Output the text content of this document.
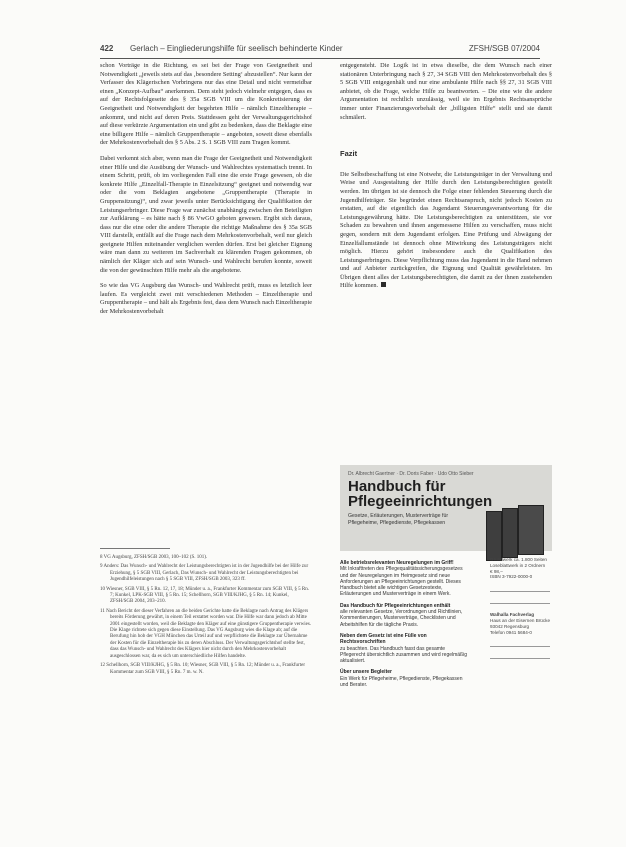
422 Gerlach – Eingliederungshilfe für seelisch behinderte Kinder	ZFSH/SGB 07/2004

schon Vorträge in die Richtung, es sei bei der Frage von Geeignetheit und Notwendigkeit „jeweils stets auf das ‚besondere Setting‘ abzustellen“. Nur kann der Verfasser des Klägerischen Vorbringens nur das eine Detail und nicht vermeidbar einen „Konzept-Aufbau“ anerkennen. Dem steht jedoch vielmehr entgegen, dass es auf der Rechtsfolgeseite des § 35a SGB VIII um die Konkretisierung der Geeignetheit und Notwendigkeit der begehrten Hilfe – nämlich Einzeltherapie – ankommt, und nicht auf deren Preis. Stattdessen geht der Verwaltungsgerichtshof auf diese verkürzte Argumentation ein und gibt zu bedenken, dass die Beklagte eine eine billigere Hilfe – nämlich Gruppentherapie – angeboten, soweit diese ebenfalls der Mehrkostenvorbehalt des § 5 Abs. 2 S. 1 SGB VIII zum Tragen kommt.

Dabei verkennt sich aber, wenn man die Frage der Geeignetheit und Notwendigkeit einer Hilfe und die Ausübung der Wunsch- und Wahlrechtes systematisch trennt. In einem Schritt, prüft, ob im vorliegenden Fall eine die erste Frage gewesen, ob die konkrete Hilfe „Einzelfall-Therapie in Einzelsitzung“ geeignet und notwendig war oder die vom Beklagten angebotene „Gruppentherapie (Therapie in Gruppensitzung)“, und zwar jeweils unter Berücksichtigung der Qualifikation der Leistungserbringer. Diese Frage war zunächst unabhängig zwischen den Beteiligten zur Aufklärung – es hätte nach § 86 VwGO geboten gewesen. Ergibt sich daraus, dass nur die eine oder die andere Therapie die richtige Maßnahme des § 35a SGB VIII darstellt, entfällt auf die Frage nach dem Mehrkostenvorbehalt, weil nur gleich geeignete Hilfen miteinander verglichen werden dürfen. Erst bei gleicher Eignung wäre man dann zu weiteren im Sachverhalt zu klärenden Fragen gekommen, ob nämlich der Kläger sich auf sein Wunsch- und Wahlrecht berufen konnte, soweit die von der gewünschten Hilfe mehr als die angebotene.

So wie das VG Augsburg das Wunsch- und Wahlrecht prüft, muss es letztlich leer laufen. Es vergleicht zwei mit verschiedenen Methoden – Einzeltherapie und Gruppentherapie – und hält als Ergebnis fest, dass dem Wunsch nach Einzeltherapie der Mehrkostenvorbehalt

8 VG Augsburg, ZFSH/SGB 2003, 100–102 (S. 101).
9 Anders: Das Wunsch- und Wahlrecht der Leistungsberechtigten ist in der Jugendhilfe bei der Hilfe zur Erziehung, § 5 SGB VIII, Gerlach, Das Wunsch- und Wahlrecht der Leistungsberechtigten bei Jugendhilfeleistungen nach § 5 SGB VIII, ZFSH/SGB 2003, 323 ff.
10 Wiesner, SGB VIII, § 5 Rn. 12, 17, 18; Münder u. a., Frankfurter Kommentar zum SGB VIII, § 5 Rn. 7; Kunkel, LPK-SGB VIII, § 5 Rn. 15; Schellhorn, SGB VIII/KJHG, § 5 Rn. 14; Kunkel, ZFSH/SGB 2004, 203–210.
11 Nach Bericht der dieser Verfahren an die beiden Gerichte hatte die Beklagte nach Antrag des Klägers bereits Förderung gewährt, in einem Teil erstattet worden war. Die Hilfe war dann jedoch ab Mitte 2001 eingestellt worden, weil die Beklagte den Kläger auf eine günstigere Gruppentherapie verwies. Die Klage richtete sich gegen diese Einstellung. Das VG Augsburg wies die Klage ab; auf die Berufung hin hob der VGH München das Urteil auf und verpflichtete die Beklagte zur Übernahme der Kosten für die Einzeltherapie bis zu deren Abschluss. Der Verwaltungsgerichtshof stellte fest, dass das Wunsch- und Wahlrecht des Klägers hier nicht durch den Mehrkostenvorbehalt ausgeschlossen war, da es sich um unterschiedliche Hilfen handelte.
12 Schellhorn, SGB VIII/KJHG, § 5 Rn. 10; Wiesner, SGB VIII, § 5 Rn. 12; Münder u. a., Frankfurter Kommentar zum SGB VIII, § 5 Rn. 7 m. w. N.

entgegensteht. Die Logik ist in etwa dieselbe, die dem Wunsch nach einer stationären Unterbringung nach § 27, 34 SGB VIII den Mehrkostenvorbehalt des § 5 SGB VIII entgegenhält und nur eine ambulante Hilfe nach §§ 27, 31 SGB VIII anbietet, ob die Frage, welche Hilfe zu beantworten. – Die eine wie die andere Argumentation ist rechtlich unzulässig, weil sie im Ergebnis Rechtsansprüche immer unter Finanzierungsvorbehalt der „billigsten Hilfe“ stellt und sie damit schmälert.

Fazit

Die Selbstbeschaffung ist eine Notwehr, die Leistungsträger in der Verwaltung und Weise und Ausgestaltung der Hilfe durch den Leistungsberechtigten gestellt werden. Im übrigen ist sie dennoch die Folge einer fehlenden Steuerung durch die Jugendhilfeträger. Sie begründet einen Rechtsanspruch, nicht jedoch Kosten zu erstatten, auf die eigentlich das Jugendamt Steuerungsverantwortung für die Leistungsgewährung hätte. Die Leistungsberechtigten zu unterstützen, sie vor Schaden zu bewahren und ihnen angemessene Hilfen zu verschaffen, muss nicht gegen, sondern mit dem Jugendamt erfolgen. Eine Prüfung und Abwägung der Einzelfallumstände ist dennoch ohne Mitwirkung des Leistungsträgers nicht möglich. Hierzu gehört insbesondere auch die Qualifikation des Leistungserbringers. Diese Verpflichtung muss das Jugendamt in die Hand nehmen und auf Anbieter zurückgreifen, die Eignung und Qualität gewährleisten. Im Übrigen dient alles der Leistungsberechtigten, die damit zu der ihnen zustehenden Hilfe kommen.

Dr. Albrecht Gaertner · Dr. Doris Faber · Udo Otto Sieber
Handbuch für Pflegeeinrichtungen
Gesetze, Erläuterungen, Musterverträge für Pflegeheime, Pflegedienste, Pflegekassen
Alle betriebsrelevanten Neuregelungen im Griff!
Mit Inkrafttreten des Pflegequalitätssicherungsgesetzes und der Neuregelungen im Heimgesetz sind neue Anforderungen an Pflegeeinrichtungen gestellt. Dieses Handbuch bietet alle wichtigen Gesetzestexte, Erläuterungen und Musterverträge in einem Werk.
Das Handbuch für Pflegeeinrichtungen enthält
alle relevanten Gesetze, Verordnungen und Richtlinien, Kommentierungen, Musterverträge, Checklisten und Arbeitshilfen für die tägliche Praxis.
Neben dem Gesetz ist eine Fülle von Rechtsvorschriften
zu beachten. Das Handbuch fasst das gesamte Pflegerecht übersichtlich zusammen und wird regelmäßig aktualisiert.
Über unsere Begleiter
Ein Werk für Pflegeheime, Pflegedienste, Pflegekassen und Berater.
Grundwerk ca. 1.800 Seiten
Loseblattwerk in 2 Ordnern
€ 98,–
ISBN 3-7922-0000-0
Walhalla Fachverlag
Haus an der Eisernen Brücke
93042 Regensburg
Telefon 0941 5684-0
